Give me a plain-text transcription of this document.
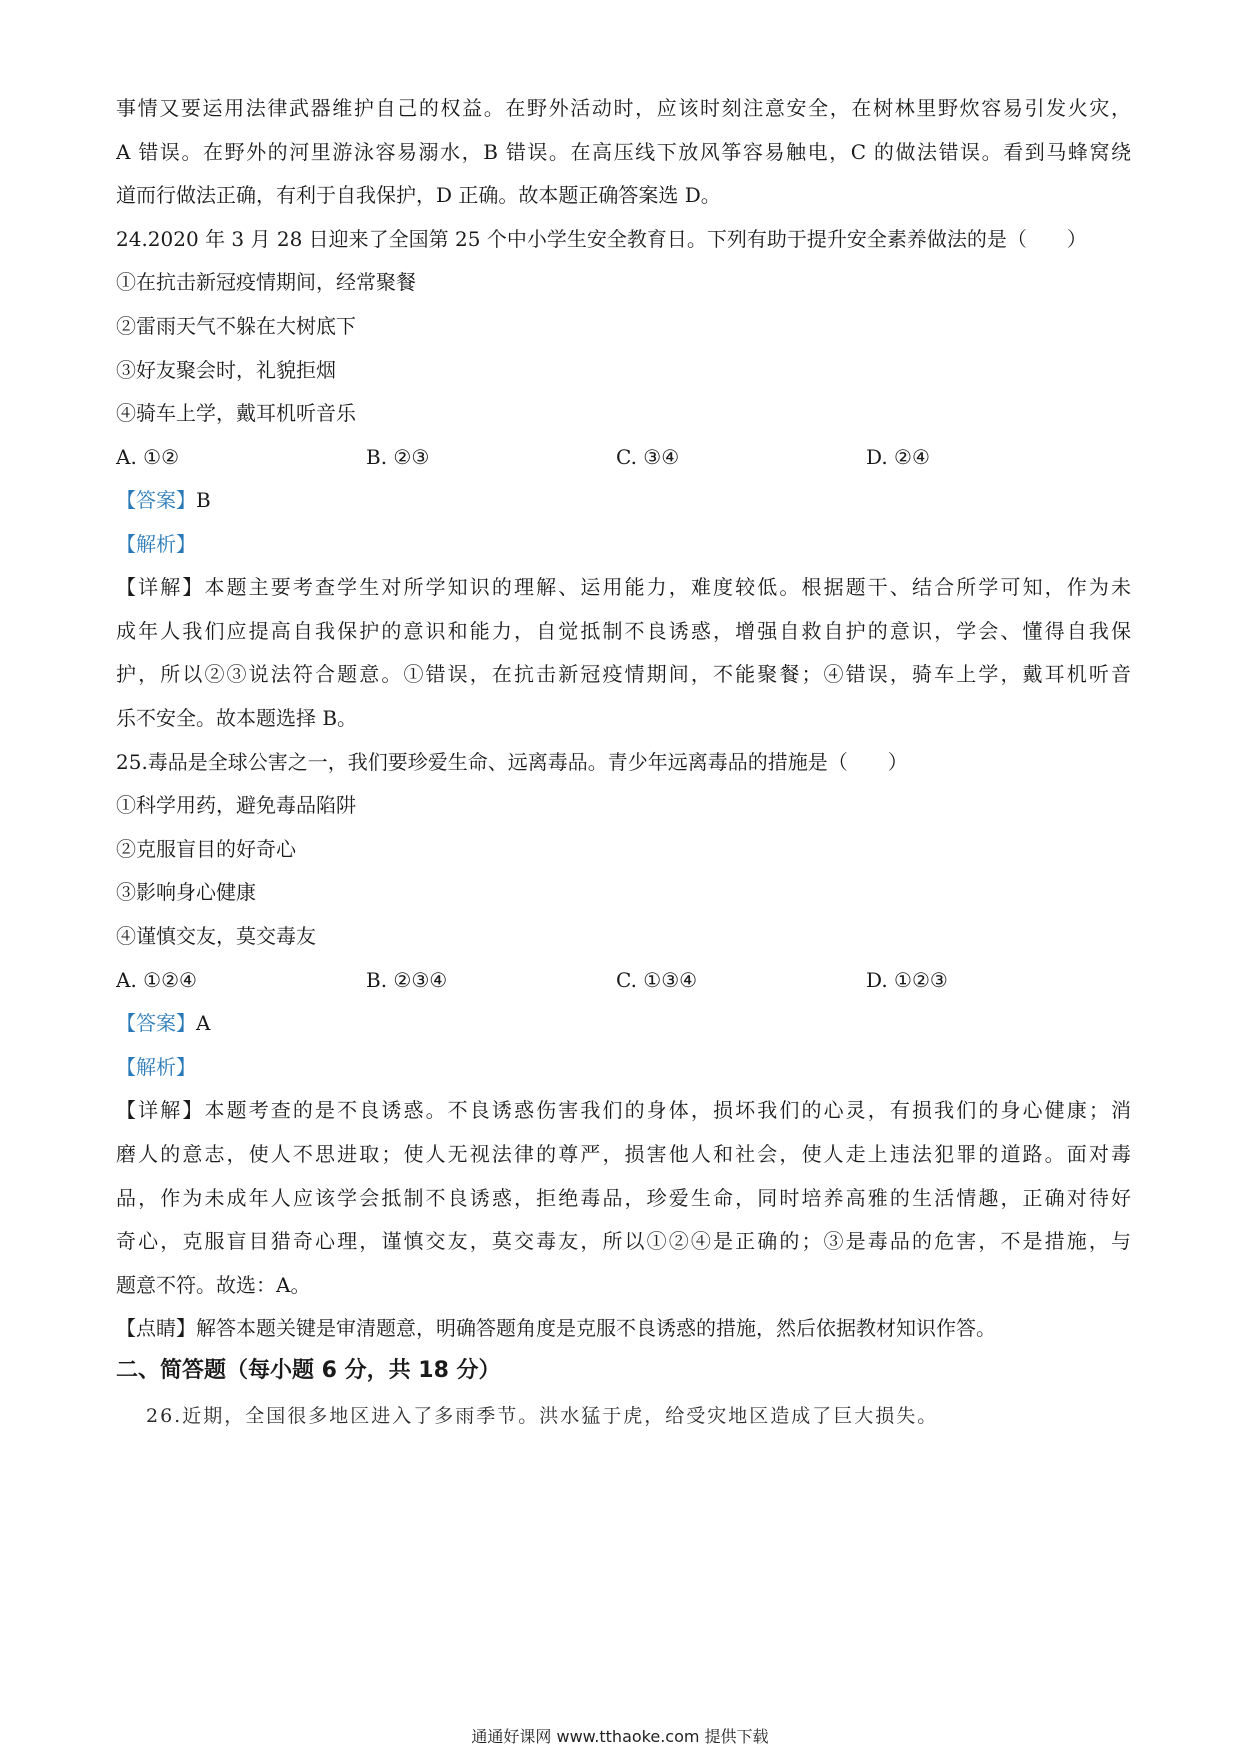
事情又要运用法律武器维护自己的权益。在野外活动时，应该时刻注意安全，在树林里野炊容易引发火灾，
A 错误。在野外的河里游泳容易溺水，B 错误。在高压线下放风筝容易触电，C 的做法错误。看到马蜂窝绕
道而行做法正确，有利于自我保护，D 正确。故本题正确答案选 D。
24.2020 年 3 月 28 日迎来了全国第 25 个中小学生安全教育日。下列有助于提升安全素养做法的是（　　）
①在抗击新冠疫情期间，经常聚餐
②雷雨天气不躲在大树底下
③好友聚会时，礼貌拒烟
④骑车上学，戴耳机听音乐
A. ①②	B. ②③	C. ③④	D. ②④
【答案】B
【解析】
【详解】本题主要考查学生对所学知识的理解、运用能力，难度较低。根据题干、结合所学可知，作为未
成年人我们应提高自我保护的意识和能力，自觉抵制不良诱惑，增强自救自护的意识，学会、懂得自我保
护，所以②③说法符合题意。①错误，在抗击新冠疫情期间，不能聚餐；④错误，骑车上学，戴耳机听音
乐不安全。故本题选择 B。
25.毒品是全球公害之一，我们要珍爱生命、远离毒品。青少年远离毒品的措施是（　　）
①科学用药，避免毒品陷阱
②克服盲目的好奇心
③影响身心健康
④谨慎交友，莫交毒友
A. ①②④	B. ②③④	C. ①③④	D. ①②③
【答案】A
【解析】
【详解】本题考查的是不良诱惑。不良诱惑伤害我们的身体，损坏我们的心灵，有损我们的身心健康；消
磨人的意志，使人不思进取；使人无视法律的尊严，损害他人和社会，使人走上违法犯罪的道路。面对毒
品，作为未成年人应该学会抵制不良诱惑，拒绝毒品，珍爱生命，同时培养高雅的生活情趣，正确对待好
奇心，克服盲目猎奇心理，谨慎交友，莫交毒友，所以①②④是正确的；③是毒品的危害，不是措施，与
题意不符。故选：A。
【点睛】解答本题关键是审清题意，明确答题角度是克服不良诱惑的措施，然后依据教材知识作答。
二、简答题（每小题 6 分，共 18 分）
26.近期，全国很多地区进入了多雨季节。洪水猛于虎，给受灾地区造成了巨大损失。
通通好课网 www.tthaoke.com 提供下载
